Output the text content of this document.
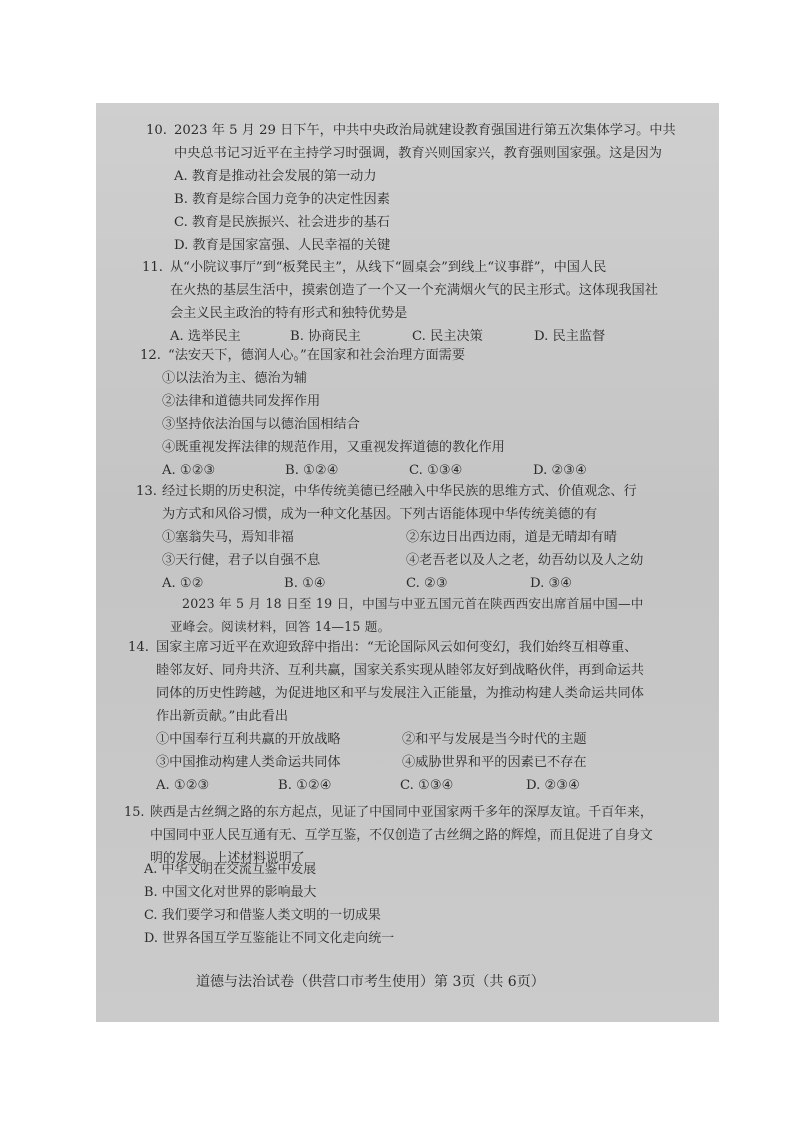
10. 2023 年 5 月 29 日下午，中共中央政治局就建设教育强国进行第五次集体学习。中共
中央总书记习近平在主持学习时强调，教育兴则国家兴，教育强则国家强。这是因为
A. 教育是推动社会发展的第一动力
B. 教育是综合国力竞争的决定性因素
C. 教育是民族振兴、社会进步的基石
D. 教育是国家富强、人民幸福的关键
11. 从“小院议事厅”到“板凳民主”，从线下“圆桌会”到线上“议事群”，中国人民
在火热的基层生活中，摸索创造了一个又一个充满烟火气的民主形式。这体现我国社
会主义民主政治的特有形式和独特优势是
A. 选举民主	B. 协商民主	C. 民主决策	D. 民主监督
12. “法安天下，德润人心。”在国家和社会治理方面需要
①以法治为主、德治为辅
②法律和道德共同发挥作用
③坚持依法治国与以德治国相结合
④既重视发挥法律的规范作用，又重视发挥道德的教化作用
A. ①②③	B. ①②④	C. ①③④	D. ②③④
13. 经过长期的历史积淀，中华传统美德已经融入中华民族的思维方式、价值观念、行
为方式和风俗习惯，成为一种文化基因。下列古语能体现中华传统美德的有
①塞翁失马，焉知非福	②东边日出西边雨，道是无晴却有晴
③天行健，君子以自强不息	④老吾老以及人之老，幼吾幼以及人之幼
A. ①②	B. ①④	C. ②③	D. ③④
2023 年 5 月 18 日至 19 日，中国与中亚五国元首在陕西西安出席首届中国—中
亚峰会。阅读材料，回答 14—15 题。
14. 国家主席习近平在欢迎致辞中指出：“无论国际风云如何变幻，我们始终互相尊重、
睦邻友好、同舟共济、互利共赢，国家关系实现从睦邻友好到战略伙伴，再到命运共
同体的历史性跨越，为促进地区和平与发展注入正能量，为推动构建人类命运共同体
作出新贡献。”由此看出
①中国奉行互利共赢的开放战略	②和平与发展是当今时代的主题
③中国推动构建人类命运共同体	④威胁世界和平的因素已不存在
A. ①②③	B. ①②④	C. ①③④	D. ②③④
15. 陕西是古丝绸之路的东方起点，见证了中国同中亚国家两千多年的深厚友谊。千百年来，
中国同中亚人民互通有无、互学互鉴，不仅创造了古丝绸之路的辉煌，而且促进了自身文
明的发展。上述材料说明了
A. 中华文明在交流互鉴中发展
B. 中国文化对世界的影响最大
C. 我们要学习和借鉴人类文明的一切成果
D. 世界各国互学互鉴能让不同文化走向统一
道德与法治试卷（供营口市考生使用）第 3页（共 6页）
